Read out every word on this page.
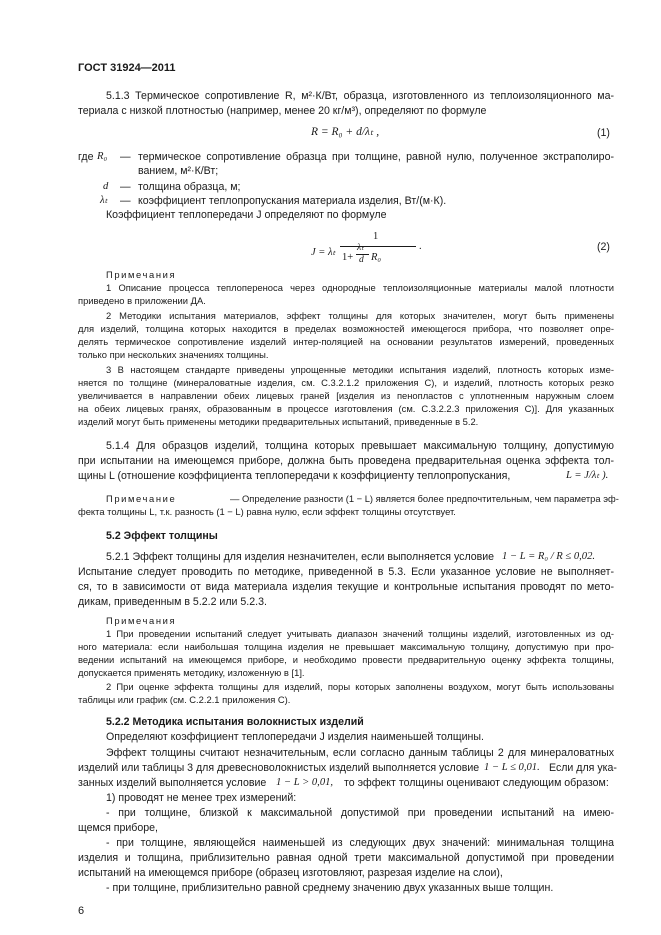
ГОСТ 31924—2011
5.1.3 Термическое сопротивление R, м²·К/Вт, образца, изготовленного из теплоизоляционного ма-
териала с низкой плотностью (например, менее 20 кг/м³), определяют по формуле
R = R₀ + d/λₜ ,	(1)
где R₀ — термическое сопротивление образца при толщине, равной нулю, полученное экстраполиро-
ванием, м²·К/Вт;
d — толщина образца, м;
λₜ — коэффициент теплопропускания материала изделия, Вт/(м·К).
Коэффициент теплопередачи J определяют по формуле
J = λₜ
1
1+
λₜ
d R₀
.	(2)
Примечания
1 Описание процесса теплопереноса через однородные теплоизоляционные материалы малой плотности
приведено в приложении ДА.
2 Методики испытания материалов, эффект толщины для которых значителен, могут быть применены
для изделий, толщина которых находится в пределах возможностей имеющегося прибора, что позволяет опре-
делять термическое сопротивление изделий интер-поляцией на основании результатов измерений, проведенных
только при нескольких значениях толщины.
3 В настоящем стандарте приведены упрощенные методики испытания изделий, плотность которых изме-
няется по толщине (минераловатные изделия, см. С.3.2.1.2 приложения С), и изделий, плотность которых резко
увеличивается в направлении обеих лицевых граней [изделия из пенопластов с уплотненным наружным слоем
на обеих лицевых гранях, образованным в процессе изготовления (см. С.3.2.2.3 приложения С)]. Для указанных
изделий могут быть применены методики предварительных испытаний, приведенные в 5.2.
5.1.4 Для образцов изделий, толщина которых превышает максимальную толщину, допустимую
при испытании на имеющемся приборе, должна быть проведена предварительная оценка эффекта тол-
щины L (отношение коэффициента теплопередачи к коэффициенту теплопропускания,	L = J/λₜ ).
Примечание	— Определение разности (1 − L) является более предпочтительным, чем параметра эф-
фекта толщины L, т.к. разность (1 − L) равна нулю, если эффект толщины отсутствует.
5.2 Эффект толщины
5.2.1 Эффект толщины для изделия незначителен, если выполняется условие 1 − L = R₀ / R ≤ 0,02.
Испытание следует проводить по методике, приведенной в 5.3. Если указанное условие не выполняет-
ся, то в зависимости от вида материала изделия текущие и контрольные испытания проводят по мето-
дикам, приведенным в 5.2.2 или 5.2.3.
Примечания
1 При проведении испытаний следует учитывать диапазон значений толщины изделий, изготовленных из од-
ного материала: если наибольшая толщина изделия не превышает максимальную толщину, допустимую при про-
ведении испытаний на имеющемся приборе, и необходимо провести предварительную оценку эффекта толщины,
допускается применять методику, изложенную в [1].
2 При оценке эффекта толщины для изделий, поры которых заполнены воздухом, могут быть использованы
таблицы или график (см. С.2.2.1 приложения С).
5.2.2 Методика испытания волокнистых изделий
Определяют коэффициент теплопередачи J изделия наименьшей толщины.
Эффект толщины считают незначительным, если согласно данным таблицы 2 для минераловатных
изделий или таблицы 3 для древесноволокнистых изделий выполняется условие 1 − L ≤ 0,01. Если для ука-
занных изделий выполняется условие 1 − L > 0,01, то эффект толщины оценивают следующим образом:
1) проводят не менее трех измерений:
- при толщине, близкой к максимальной допустимой при проведении испытаний на имею-
щемся приборе,
- при толщине, являющейся наименьшей из следующих двух значений: минимальная толщина
изделия и толщина, приблизительно равная одной трети максимальной допустимой при проведении
испытаний на имеющемся приборе (образец изготовляют, разрезая изделие на слои),
- при толщине, приблизительно равной среднему значению двух указанных выше толщин.
6
